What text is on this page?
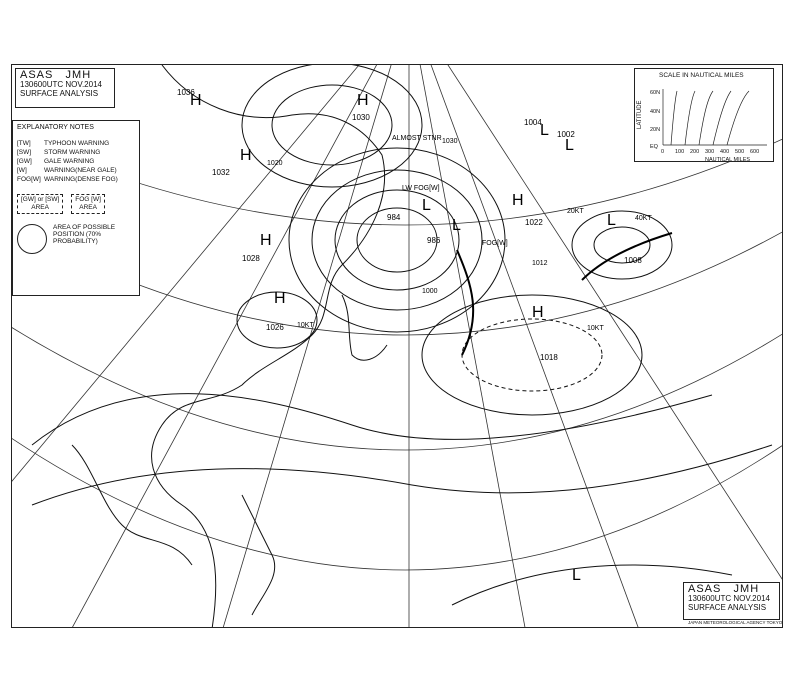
H
1030
L
984	L
986
H
1022	L
1008
H
1018
H
1026
H
1028
H
1032
L
1004
L
1002
H
1036
L
1000
1020
1030
1012
LW FOG[W]
FOG[W]
20KT
10KT
40KT
10KT
ALMOST STNR
ASAS JMH
130600UTC NOV.2014
SURFACE ANALYSIS
EXPLANATORY NOTES
[TW]	TYPHOON WARNING
[SW]	STORM WARNING
[GW]	GALE WARNING
[W]	WARNING(NEAR GALE)
FOG[W] WARNING(DENSE FOG)
[GW] or [SW]
AREA
FOG [W]
AREA
AREA OF POSSIBLE POSITION (70% PROBABILITY)
SCALE IN NAUTICAL MILES
LATITUDE
60N
40N
20N
EQ
0 100 200 300 400 500 600
NAUTICAL MILES
ASAS JMH
130600UTC NOV.2014
SURFACE ANALYSIS
JAPAN METEOROLOGICAL AGENCY TOKYO
